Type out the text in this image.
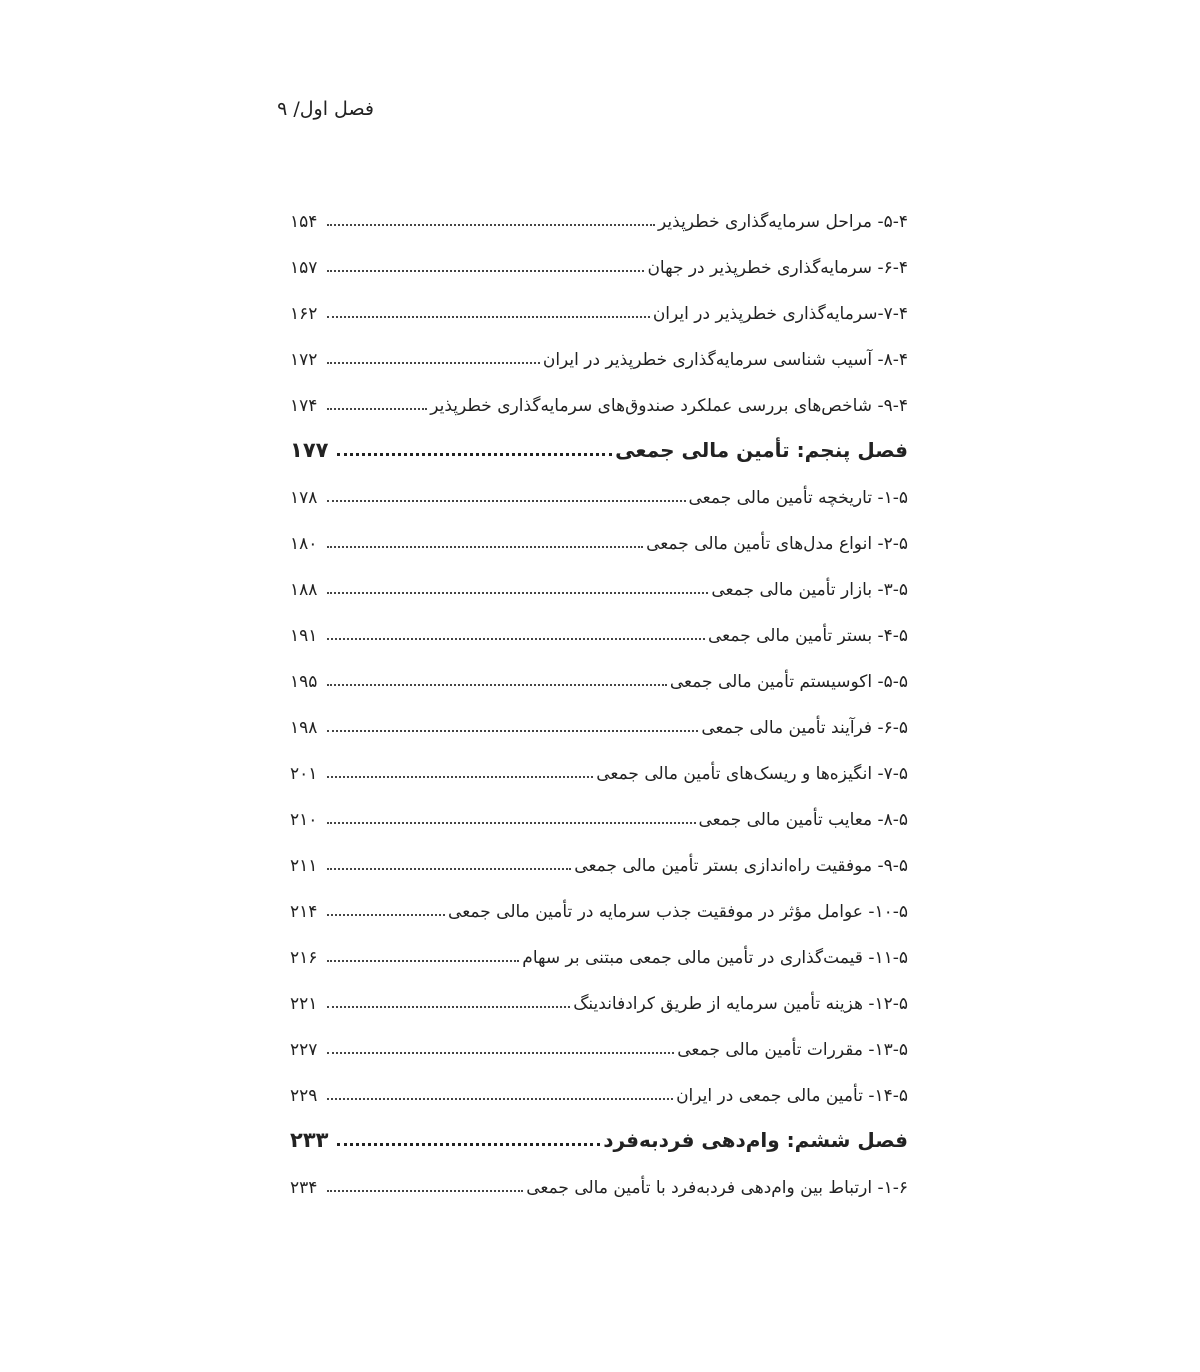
فصل اول/ ۹
۵-۴- مراحل سرمایه‌گذاری خطرپذیر
۱۵۴
۶-۴- سرمایه‌گذاری خطرپذیر در جهان
۱۵۷
۷-۴-سرمایه‌گذاری خطرپذیر در ایران
۱۶۲
۸-۴- آسیب شناسی سرمایه‌گذاری خطرپذیر در ایران
۱۷۲
۹-۴- شاخص‌های بررسی عملکرد صندوق‌های سرمایه‌گذاری خطرپذیر
۱۷۴
فصل پنجم: تأمین مالی جمعی
۱۷۷
۱-۵- تاریخچه تأمین مالی جمعی
۱۷۸
۲-۵- انواع مدل‌های تأمین مالی جمعی
۱۸۰
۳-۵- بازار تأمین مالی جمعی
۱۸۸
۴-۵- بستر تأمین مالی جمعی
۱۹۱
۵-۵- اکوسیستم تأمین مالی جمعی
۱۹۵
۶-۵- فرآیند تأمین مالی جمعی
۱۹۸
۷-۵- انگیزه‌ها و ریسک‌های تأمین مالی جمعی
۲۰۱
۸-۵- معایب تأمین مالی جمعی
۲۱۰
۹-۵- موفقیت راه‌اندازی بستر تأمین مالی جمعی
۲۱۱
۱۰-۵- عوامل مؤثر در موفقیت جذب سرمایه در تأمین مالی جمعی
۲۱۴
۱۱-۵- قیمت‌گذاری در تأمین مالی جمعی مبتنی بر سهام
۲۱۶
۱۲-۵- هزینه تأمین سرمایه از طریق کرادفاندینگ
۲۲۱
۱۳-۵- مقررات تأمین مالی جمعی
۲۲۷
۱۴-۵- تأمین مالی جمعی در ایران
۲۲۹
فصل ششم: وام‌دهی فردبه‌فرد
۲۳۳
۱-۶- ارتباط بین وام‌دهی فردبه‌فرد با تأمین مالی جمعی
۲۳۴
